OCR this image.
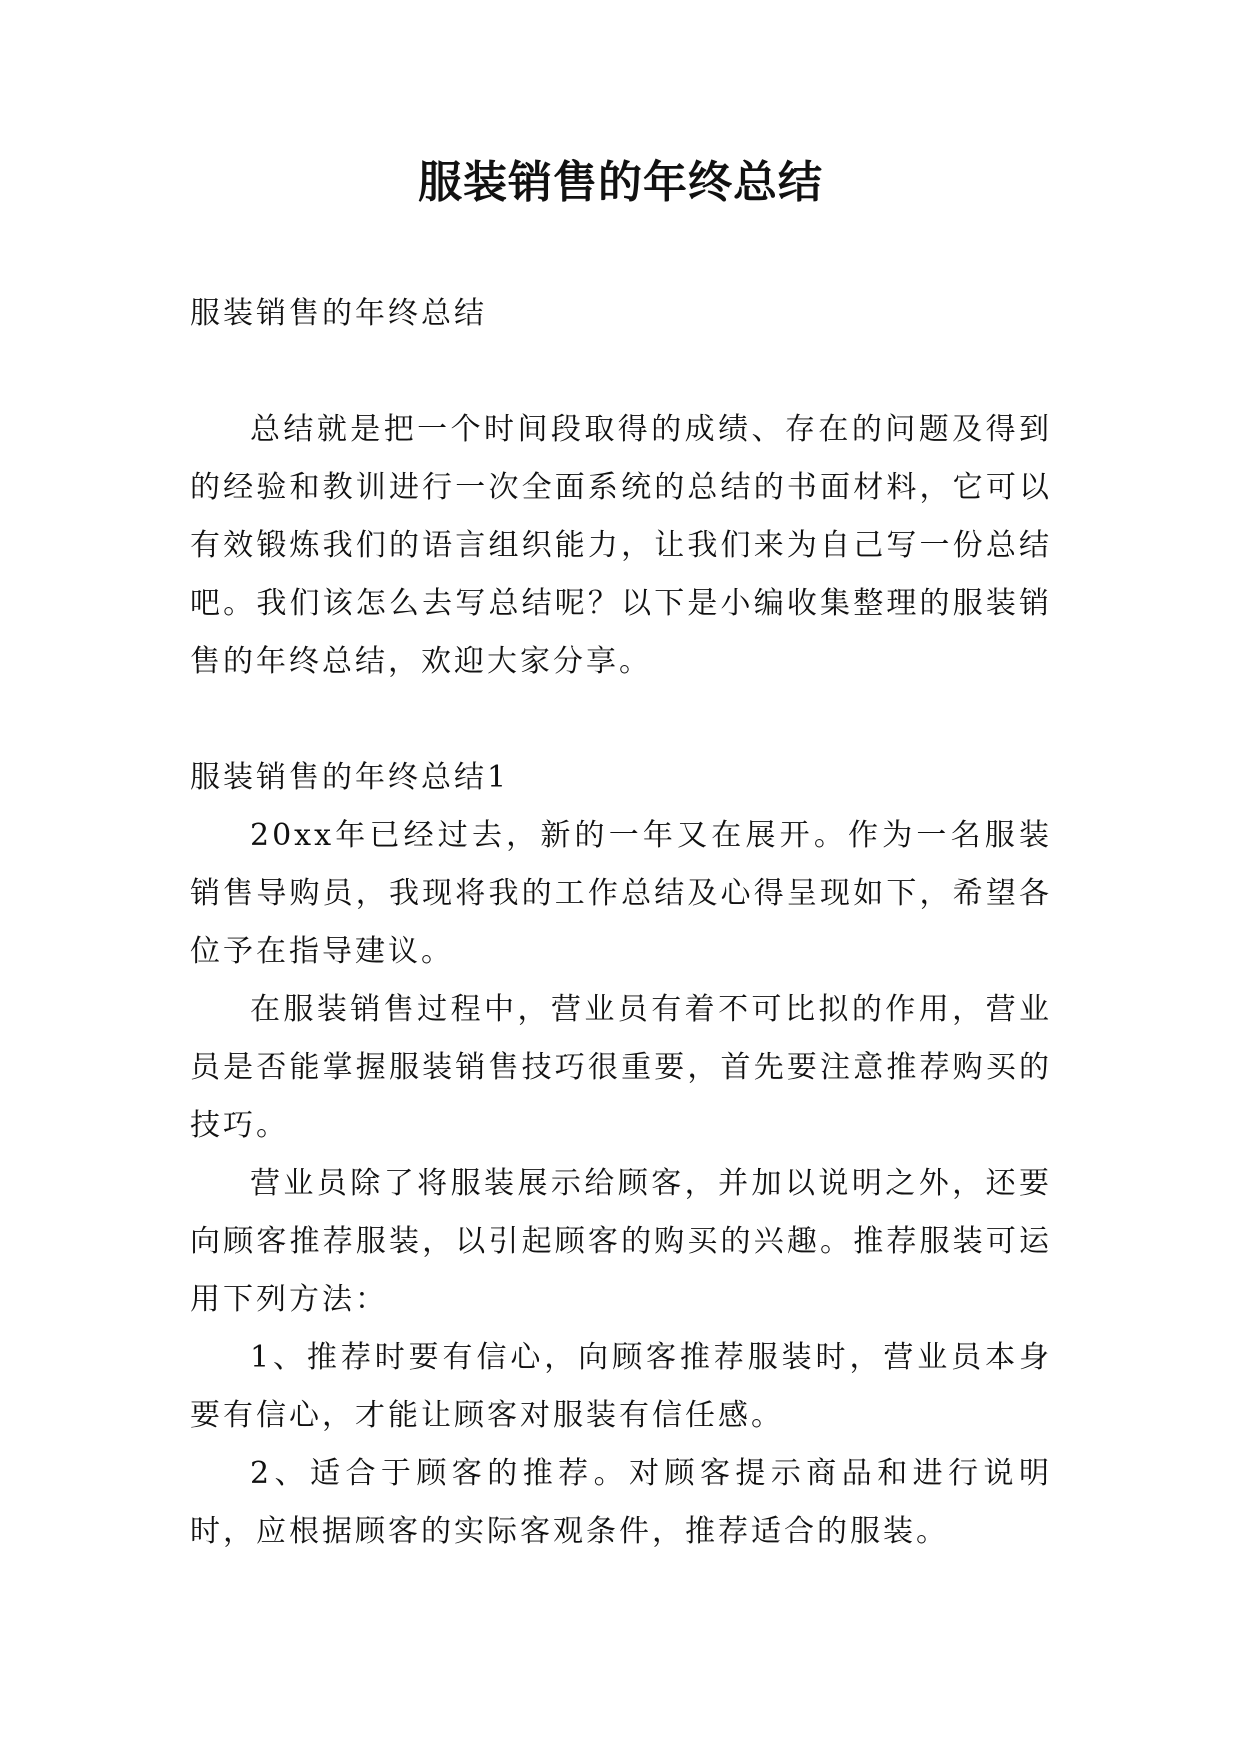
服装销售的年终总结

服装销售的年终总结

总结就是把一个时间段取得的成绩、存在的问题及得到的经验和教训进行一次全面系统的总结的书面材料，它可以有效锻炼我们的语言组织能力，让我们来为自己写一份总结吧。我们该怎么去写总结呢？以下是小编收集整理的服装销售的年终总结，欢迎大家分享。

服装销售的年终总结1

20xx年已经过去，新的一年又在展开。作为一名服装销售导购员，我现将我的工作总结及心得呈现如下，希望各位予在指导建议。

在服装销售过程中，营业员有着不可比拟的作用，营业员是否能掌握服装销售技巧很重要，首先要注意推荐购买的技巧。

营业员除了将服装展示给顾客，并加以说明之外，还要向顾客推荐服装，以引起顾客的购买的兴趣。推荐服装可运用下列方法：

1、推荐时要有信心，向顾客推荐服装时，营业员本身要有信心，才能让顾客对服装有信任感。

2、适合于顾客的推荐。对顾客提示商品和进行说明时，应根据顾客的实际客观条件，推荐适合的服装。
